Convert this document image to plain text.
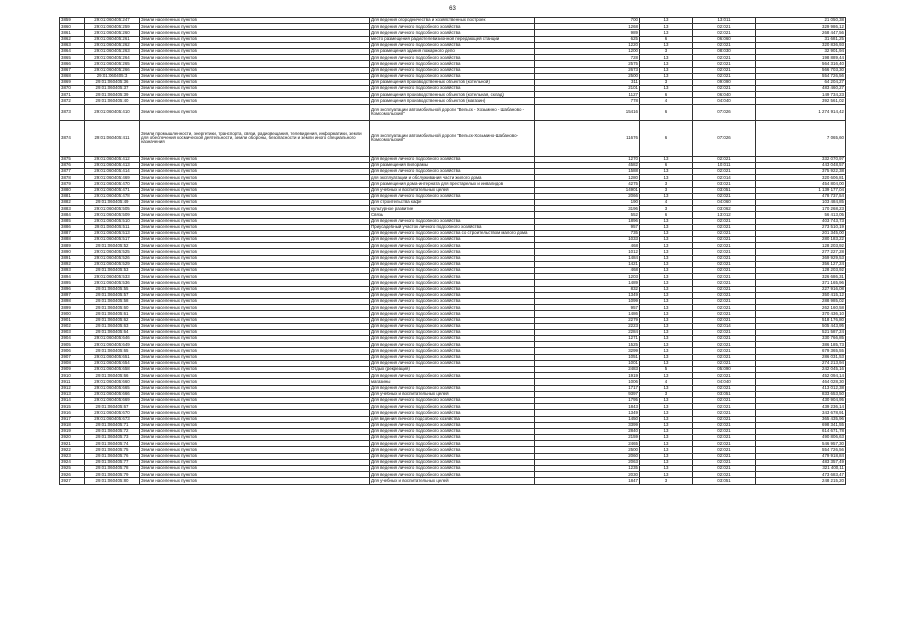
63
3859	29:01:060405:247	Земли населенных пунктов	Для ведения огородничества и хозяйственных построек	700	13	13:011	21 050,38
3860	29:01:060405:259	Земли населенных пунктов	Для ведения личного подсобного хозяйства	1268	13	02:021	329 986,12
3861	29:01:060405:260	Земли населенных пунктов	Для ведения личного подсобного хозяйства	989	13	02:021	268 447,56
3862	29:01:060405:261	Земли населенных пунктов	место размещения радиотелевизионной передающей станции	625	6	06:060	31 681,25
3863	29:01:060405:262	Земли населенных пунктов	Для ведения личного подсобного хозяйства	1220	13	02:021	320 836,93
3864	29:01:060405:263	Земли населенных пунктов	Для размещения здания пожарного депо	1200	3	08:030	32 901,94
3865	29:01:060405:264	Земли населенных пунктов	Для ведения личного подсобного хозяйства	728	13	02:021	198 889,44
3866	29:01:060405:265	Земли населенных пунктов	Для ведения личного подсобного хозяйства	2575	13	02:021	564 316,40
3867	29:01:060405:266	Земли населенных пунктов	Для ведения личного подсобного хозяйства	2673	13	02:021	566 703,30
3868	29:01:060405:3	Земли населенных пунктов	Для ведения личного подсобного хозяйства	2500	13	02:021	554 726,56
3869	29:01:060405:36	Земли населенных пунктов	Для размещения производственных объектов (котельной)	311	3	09:090	64 204,27
3870	29:01:060405:37	Земли населенных пунктов	Для ведения личного подсобного хозяйства	2101	13	02:021	483 460,27
3871	29:01:060405:39	Земли населенных пунктов	Для размещения производственных объектов (котельная, склад)	1127	6	06:040	149 734,23
3872	29:01:060405:40	Земли населенных пунктов	Для размещения производственных объектов (магазин)	778	4	04:040	392 561,02
3873	29:01:060405:410	Земли населенных пунктов	Для эксплуатации автомобильной дороги "Вельск - Хозьмино - Шабаново - Комсомольский"	15416	6	07:026	1 274 914,42
3874	29:01:060405:411	Земли промышленности, энергетики, транспорта, связи, радиовещания, телевидения, информатики, земли для обеспечения космической деятельности, земли обороны, безопасности и земли иного специального назначения	Для эксплуатации автомобильной дороги "Вельск-Хозьмино-Шабаново-Комсомольский"	11676	6	07:026	7 065,60
3875	29:01:060405:412	Земли населенных пунктов	Для ведения личного подсобного хозяйства	1270	13	02:021	332 070,97
3876	29:01:060405:413	Земли населенных пунктов	Для размещения пилорамы	4582	6	10:011	443 048,57
3877	29:01:060405:414	Земли населенных пунктов	Для ведения личного подсобного хозяйства	1588	13	02:021	375 922,38
3878	29:01:060405:469	Земли населенных пунктов	для эксплуатации и обслуживания части жилого дома	1280	13	02:014	320 606,81
3879	29:01:060405:470	Земли населенных пунктов	Для размещения дома-интерната для престарелых и инвалидов	4275	3	03:021	454 804,00
3880	29:01:060405:471	Земли населенных пунктов	Для учебных и воспитательных целей	14901	3	03:051	1 139 177,04
3881	29:01:060405:478	Земли населенных пунктов	Для ведения личного подсобного хозяйства	2066	13	02:021	478 737,54
3882	29:01:060405:49	Земли населенных пунктов	Для строительства кафе	190	4	04:060	103 484,85
3883	29:01:060405:505	Земли населенных пунктов	культурное развитие	3196	3	03:062	170 268,23
3884	29:01:060405:509	Земли населенных пунктов	Связь	552	6	13:012	56 413,05
3885	29:01:060405:510	Земли населенных пунктов	Для ведения личного подсобного хозяйства	1896	13	02:021	403 743,73
3886	29:01:060405:511	Земли населенных пунктов	Приусадебный участок личного подсобного хозяйства	957	13	02:021	273 510,19
3887	29:01:060405:513	Земли населенных пунктов	Для ведения личного подсобного хозяйства со строительством малого дома	735	13	02:021	201 345,00
3888	29:01:060405:517	Земли населенных пунктов	Для ведения личного подсобного хозяйства	1033	13	02:021	280 183,22
3889	29:01:060405:52	Земли населенных пунктов	Для ведения личного подсобного хозяйства	468	13	02:021	128 203,92
3890	29:01:060405:525	Земли населенных пунктов	Для ведения личного подсобного хозяйства	1012	13	02:021	277 227,28
3891	29:01:060405:526	Земли населенных пунктов	Для ведения личного подсобного хозяйства	1484	13	02:021	369 929,53
3892	29:01:060405:529	Земли населенных пунктов	Для ведения личного подсобного хозяйства	1421	13	02:021	356 127,24
3893	29:01:060405:53	Земли населенных пунктов	Для ведения личного подсобного хозяйства	468	13	02:021	128 203,92
3894	29:01:060405:533	Земли населенных пунктов	Для ведения личного подсобного хозяйства	1203	13	02:021	326 686,31
3895	29:01:060405:536	Земли населенных пунктов	Для ведения личного подсобного хозяйства	1489	13	02:021	371 165,96
3896	29:01:060405:55	Земли населенных пунктов	Для ведения личного подсобного хозяйства	832	13	02:021	227 916,08
3897	29:01:060405:57	Земли населенных пунктов	Для ведения личного подсобного хозяйства	1349	13	02:021	350 415,12
3898	29:01:060405:58	Земли населенных пунктов	Для ведения личного подсобного хозяйства	1099	13	02:021	288 985,02
3899	29:01:060405:60	Земли населенных пунктов	Для ведения личного подсобного хозяйства	957	13	02:021	262 160,58
3900	29:01:060405:61	Земли населенных пунктов	Для ведения личного подсобного хозяйства	1486	13	02:021	370 436,10
3901	29:01:060405:62	Земли населенных пунктов	Для ведения личного подсобного хозяйства	2279	13	02:021	518 176,80
3902	29:01:060405:63	Земли населенных пунктов	Для ведения личного подсобного хозяйства	2223	13	02:014	505 443,95
3903	29:01:060405:64	Земли населенных пунктов	Для ведения личного подсобного хозяйства	2284	13	02:021	521 587,24
3904	29:01:060405:646	Земли населенных пунктов	Для ведения личного подсобного хозяйства	1271	13	02:021	330 766,85
3905	29:01:060405:649	Земли населенных пунктов	Для ведения личного подсобного хозяйства	1525	13	02:021	386 185,73
3906	29:01:060405:65	Земли населенных пунктов	Для ведения личного подсобного хозяйства	3299	13	02:021	679 365,55
3907	29:01:060405:651	Земли населенных пунктов	Для ведения личного подсобного хозяйства	1051	13	02:021	286 031,53
3908	29:01:060405:654	Земли населенных пунктов	Для ведения личного подсобного хозяйства	1001	13	02:021	274 213,94
3909	29:01:060405:658	Земли населенных пунктов	Отдых (рекреация)	2483	5	05:090	242 045,16
3910	29:01:060405:66	Земли населенных пунктов	Для ведения личного подсобного хозяйства	1919	13	02:021	452 094,14
3911	29:01:060405:660	Земли населенных пунктов	магазины	1006	4	04:040	464 028,30
3912	29:01:060405:665	Земли населенных пунктов	Для ведения личного подсобного хозяйства	1717	13	02:021	413 012,38
3913	29:01:060405:666	Земли населенных пунктов	Для учебных и воспитательных целей	9397	3	03:051	833 653,50
3914	29:01:060405:669	Земли населенных пунктов	Для ведения личного подсобного хозяйства	1795	13	02:021	430 904,95
3915	29:01:060405:67	Земли населенных пунктов	Для ведения личного подсобного хозяйства	1843	13	02:021	439 236,14
3916	29:01:060405:670	Земли населенных пунктов	Для ведения личного подсобного хозяйства	1349	13	02:021	343 678,91
3917	29:01:060405:673	Земли населенных пунктов	для ведения личного подсобного хозяйства	1450	13	02:021	365 435,96
3918	29:01:060405:71	Земли населенных пунктов	Для ведения личного подсобного хозяйства	3399	13	02:021	698 341,55
3919	29:01:060405:72	Земли населенных пунктов	Для ведения личного подсобного хозяйства	2840	13	02:021	614 671,78
3920	29:01:060405:73	Земли населенных пунктов	Для ведения личного подсобного хозяйства	2159	13	02:021	490 806,63
3921	29:01:060405:74	Земли населенных пунктов	Для ведения личного подсобного хозяйства	2465	13	02:021	546 957,30
3922	29:01:060405:75	Земли населенных пунктов	Для ведения личного подсобного хозяйства	2500	13	02:021	554 726,56
3923	29:01:060405:76	Земли населенных пунктов	Для ведения личного подсобного хозяйства	2060	13	02:021	479 918,84
3924	29:01:060405:77	Земли населенных пунктов	Для ведения личного подсобного хозяйства	2063	13	02:021	483 357,49
3925	29:01:060405:78	Земли населенных пунктов	Для ведения личного подсобного хозяйства	1235	13	02:021	321 400,11
3926	29:01:060405:79	Земли населенных пунктов	Для ведения личного подсобного хозяйства	2030	13	02:021	473 683,47
3927	29:01:060405:80	Земли населенных пунктов	Для учебных и воспитательных целей	1847	3	03:051	248 215,20
